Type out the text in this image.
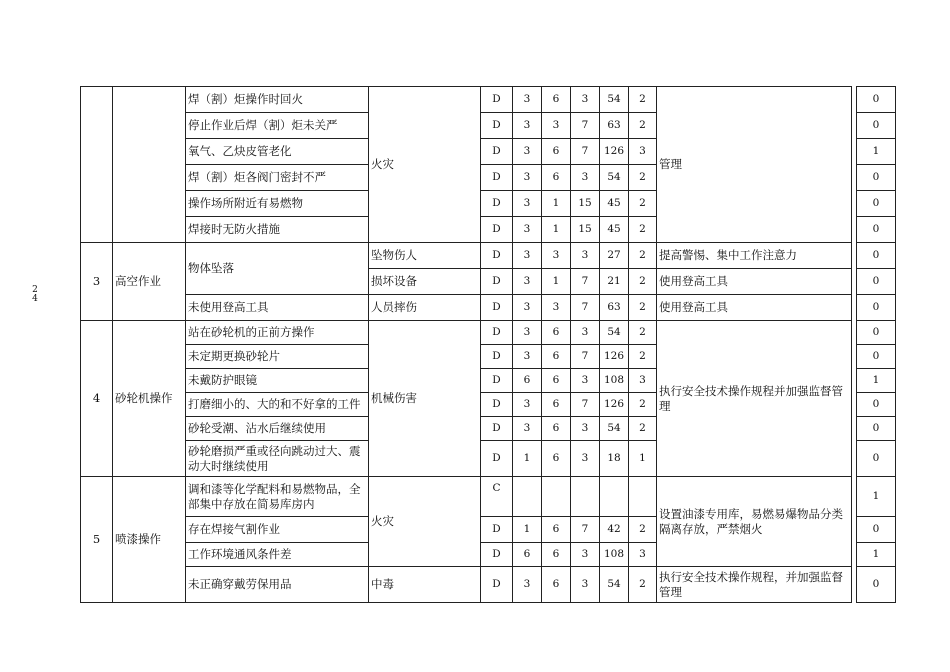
2
4
		焊（割）炬操作时回火	火灾	D	3	6	3	54	2	管理		0
		停止作业后焊（割）炬未关严		D	3	3	7	63	2			0
		氧气、乙炔皮管老化		D	3	6	7	126	3			1
		焊（割）炬各阀门密封不严		D	3	6	3	54	2			0
		操作场所附近有易燃物		D	3	1	15	45	2			0
		焊接时无防火措施		D	3	1	15	45	2			0
3	高空作业	物体坠落	坠物伤人	D	3	3	3	27	2	提高警惕、集中工作注意力		0
			损坏设备	D	3	1	7	21	2	使用登高工具		0
		未使用登高工具	人员摔伤	D	3	3	7	63	2	使用登高工具		0
4	砂轮机操作	站在砂轮机的正前方操作	机械伤害	D	3	6	3	54	2	执行安全技术操作规程并加强监督管理		0
		未定期更换砂轮片		D	3	6	7	126	2			0
		未戴防护眼镜		D	6	6	3	108	3			1
		打磨细小的、大的和不好拿的工件		D	3	6	7	126	2			0
		砂轮受潮、沾水后继续使用		D	3	6	3	54	2			0
		砂轮磨损严重或径向跳动过大、震动大时继续使用		D	1	6	3	18	1			0
5	喷漆操作	调和漆等化学配料和易燃物品，全部集中存放在简易库房内	火灾	C						设置油漆专用库，易燃易爆物品分类隔离存放，严禁烟火		1
		存在焊接气割作业		D	1	6	7	42	2			0
		工作环境通风条件差		D	6	6	3	108	3			1
		未正确穿戴劳保用品	中毒	D	3	6	3	54	2	执行安全技术操作规程，并加强监督管理		0
